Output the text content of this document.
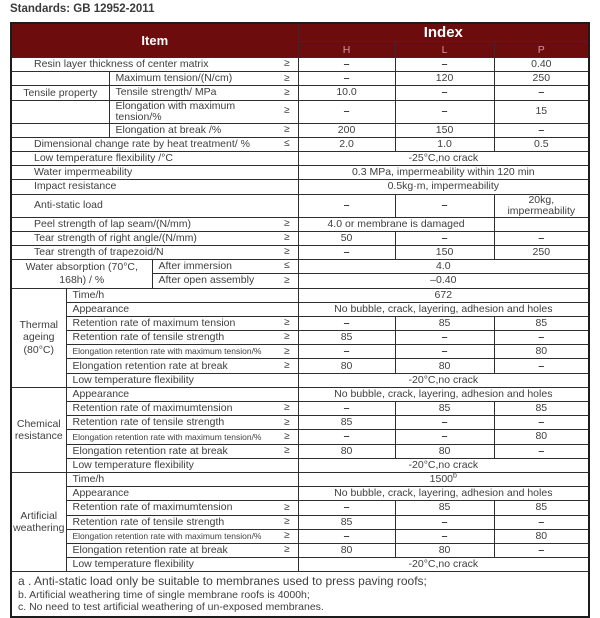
Standards: GB 12952-2011
Item				Index		
				H	L	P

Resin layer thickness of center matrix ≥				–	–	0.40

		Maximum tension/(N/cm) ≥		–	120	250
Tensile property		Tensile strength/ MPa ≥		10.0	–	–

		Elongation with maximum tension/% ≥		–	–	15

		Elongation at break /% ≥		200	150	–

Dimensional change rate by heat treatment/ % ≤				2.0	1.0	0.5

Low temperature flexibility /°C				-25°C,no crack		

Water impermeability				0.3 MPa, impermeability within 120 min		

Impact resistance				0.5kg·m, impermeability		

Anti-static load				–	–	20kg, impermeability

Peel strength of lap seam/(N/mm) ≥				4.0 or membrane is damaged		

Tear strength of right angle/(N/mm) ≥				50	–	–

Tear strength of trapezoid/N ≥				–	150	250
Water absorption (70°C, 168h) / %			After immersion ≤	4.0		

			After open assembly ≥	–0.40		
Thermal ageing (80°C)	Time/h			672		

	Appearance			No bubble, crack, layering, adhesion and holes		

	Retention rate of maximum tension ≥			–	85	85

	Retention rate of tensile strength ≥			85	–	–

	Elongation retention rate with maximum tension/% ≥			–	–	80

	Elongation retention rate at break ≥			80	80	–

	Low temperature flexibility			-20°C,no crack		
Chemical resistance	Appearance			No bubble, crack, layering, adhesion and holes		

	Retention rate of maximumtension ≥			–	85	85

	Retention rate of tensile strength ≥			85	–	–

	Elongation retention rate with maximum tension/% ≥			–	–	80

	Elongation retention rate at break ≥			80	80	–

	Low temperature flexibility			-20°C,no crack		
Artificial weathering	Time/h			1500$^b$

	Appearance			No bubble, crack, layering, adhesion and holes		

	Retention rate of maximumtension ≥			–	85	85

	Retention rate of tensile strength ≥			85	–	–

	Elongation retention rate with maximum tension/% ≥			–	–	80

	Elongation retention rate at break ≥			80	80	–

	Low temperature flexibility			-20°C,no crack		

a . Anti-static load only be suitable to membranes used to press paving roofs;
b. Artificial weathering time of single membrane roofs is 4000h;
c. No need to test artificial weathering of un-exposed membranes.						
